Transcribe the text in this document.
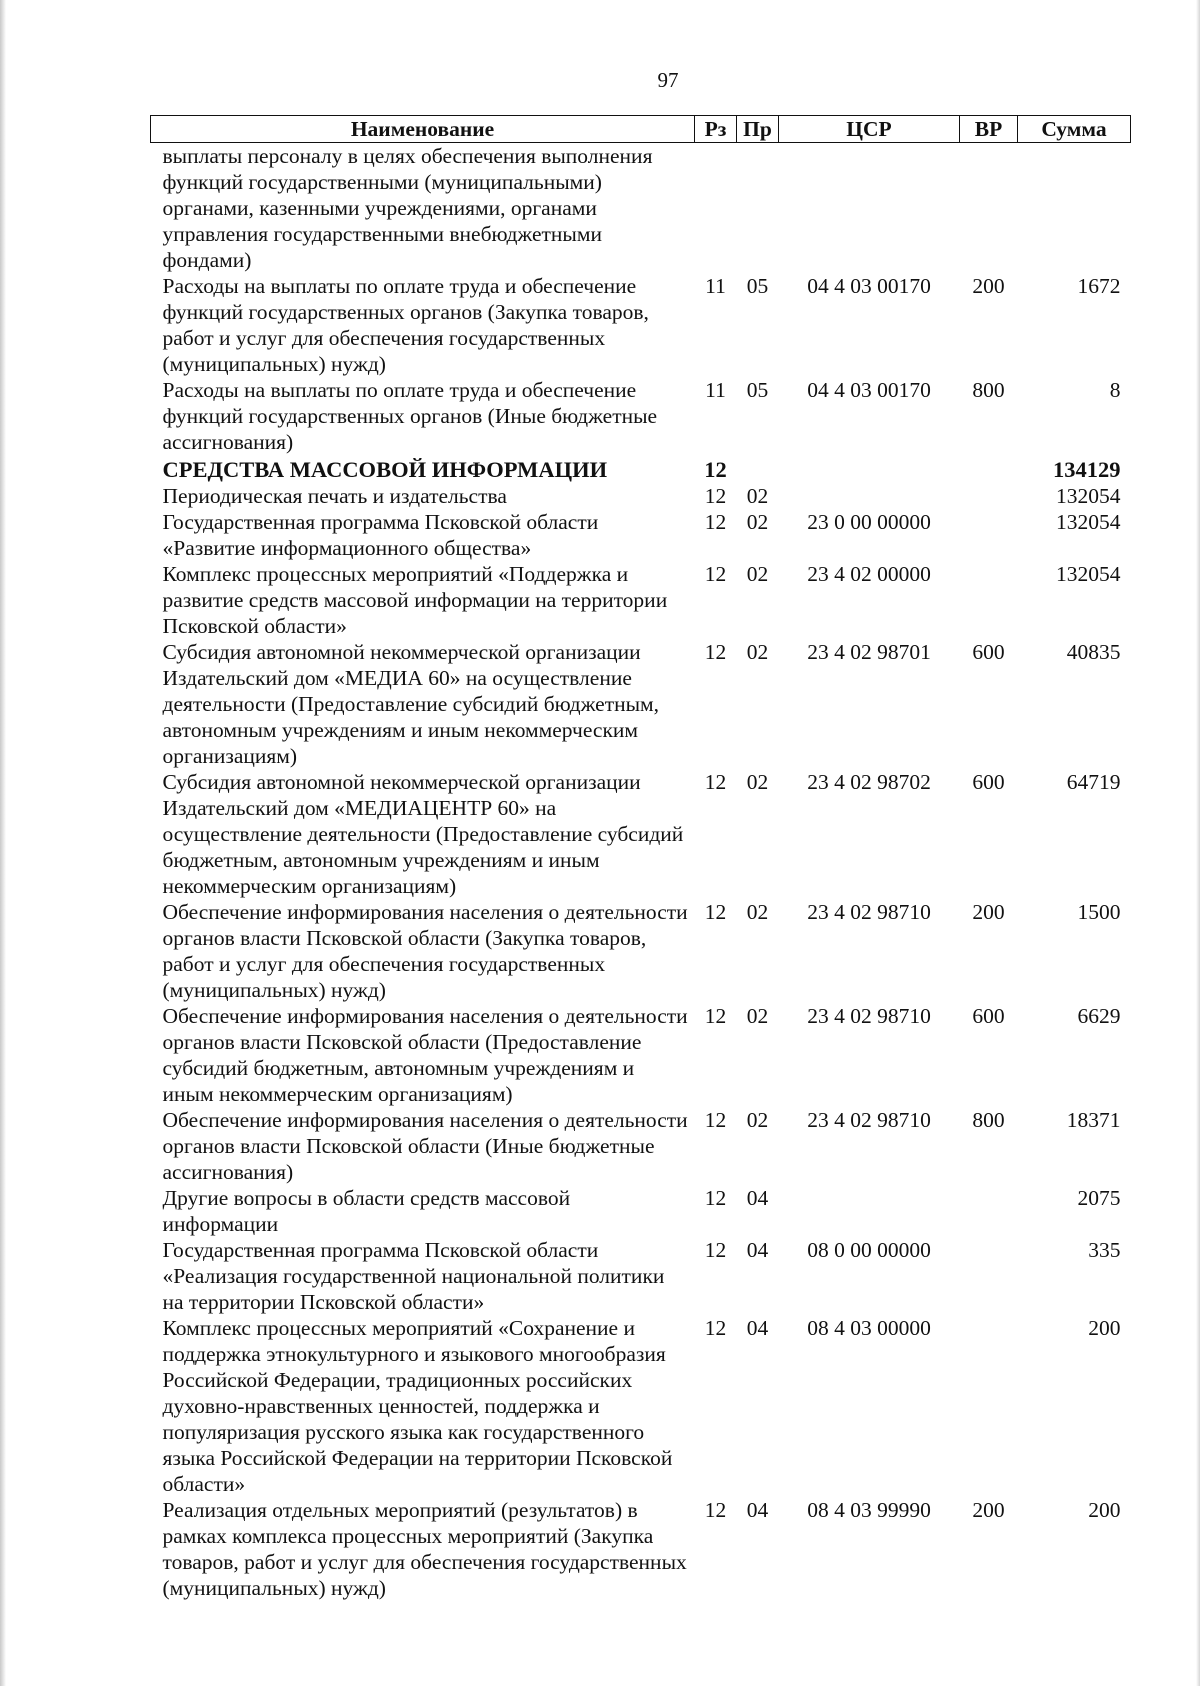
97
Наименование	Рз	Пр	ЦСР	ВР	Сумма
выплаты персоналу в целях обеспечения выполнения функций государственными (муниципальными) органами, казенными учреждениями, органами управления государственными внебюджетными фондами)					
Расходы на выплаты по оплате труда и обеспечение функций государственных органов (Закупка товаров, работ и услуг для обеспечения государственных (муниципальных) нужд)	11	05	04 4 03 00170	200	1672
Расходы на выплаты по оплате труда и обеспечение функций государственных органов (Иные бюджетные ассигнования)	11	05	04 4 03 00170	800	8
СРЕДСТВА МАССОВОЙ ИНФОРМАЦИИ	12				134129
Периодическая печать и издательства	12	02			132054
Государственная программа Псковской области «Развитие информационного общества»	12	02	23 0 00 00000		132054
Комплекс процессных мероприятий «Поддержка и развитие средств массовой информации на территории Псковской области»	12	02	23 4 02 00000		132054
Субсидия автономной некоммерческой организации Издательский дом «МЕДИА 60» на осуществление деятельности (Предоставление субсидий бюджетным, автономным учреждениям и иным некоммерческим организациям)	12	02	23 4 02 98701	600	40835
Субсидия автономной некоммерческой организации Издательский дом «МЕДИАЦЕНТР 60» на осуществление деятельности (Предоставление субсидий бюджетным, автономным учреждениям и иным некоммерческим организациям)	12	02	23 4 02 98702	600	64719
Обеспечение информирования населения о деятельности органов власти Псковской области (Закупка товаров, работ и услуг для обеспечения государственных (муниципальных) нужд)	12	02	23 4 02 98710	200	1500
Обеспечение информирования населения о деятельности органов власти Псковской области (Предоставление субсидий бюджетным, автономным учреждениям и иным некоммерческим организациям)	12	02	23 4 02 98710	600	6629
Обеспечение информирования населения о деятельности органов власти Псковской области (Иные бюджетные ассигнования)	12	02	23 4 02 98710	800	18371
Другие вопросы в области средств массовой информации	12	04			2075
Государственная программа Псковской области «Реализация государственной национальной политики на территории Псковской области»	12	04	08 0 00 00000		335
Комплекс процессных мероприятий «Сохранение и поддержка этнокультурного и языкового многообразия Российской Федерации, традиционных российских духовно-нравственных ценностей, поддержка и популяризация русского языка как государственного языка Российской Федерации на территории Псковской области»	12	04	08 4 03 00000		200
Реализация отдельных мероприятий (результатов) в рамках комплекса процессных мероприятий (Закупка товаров, работ и услуг для обеспечения государственных (муниципальных) нужд)	12	04	08 4 03 99990	200	200
